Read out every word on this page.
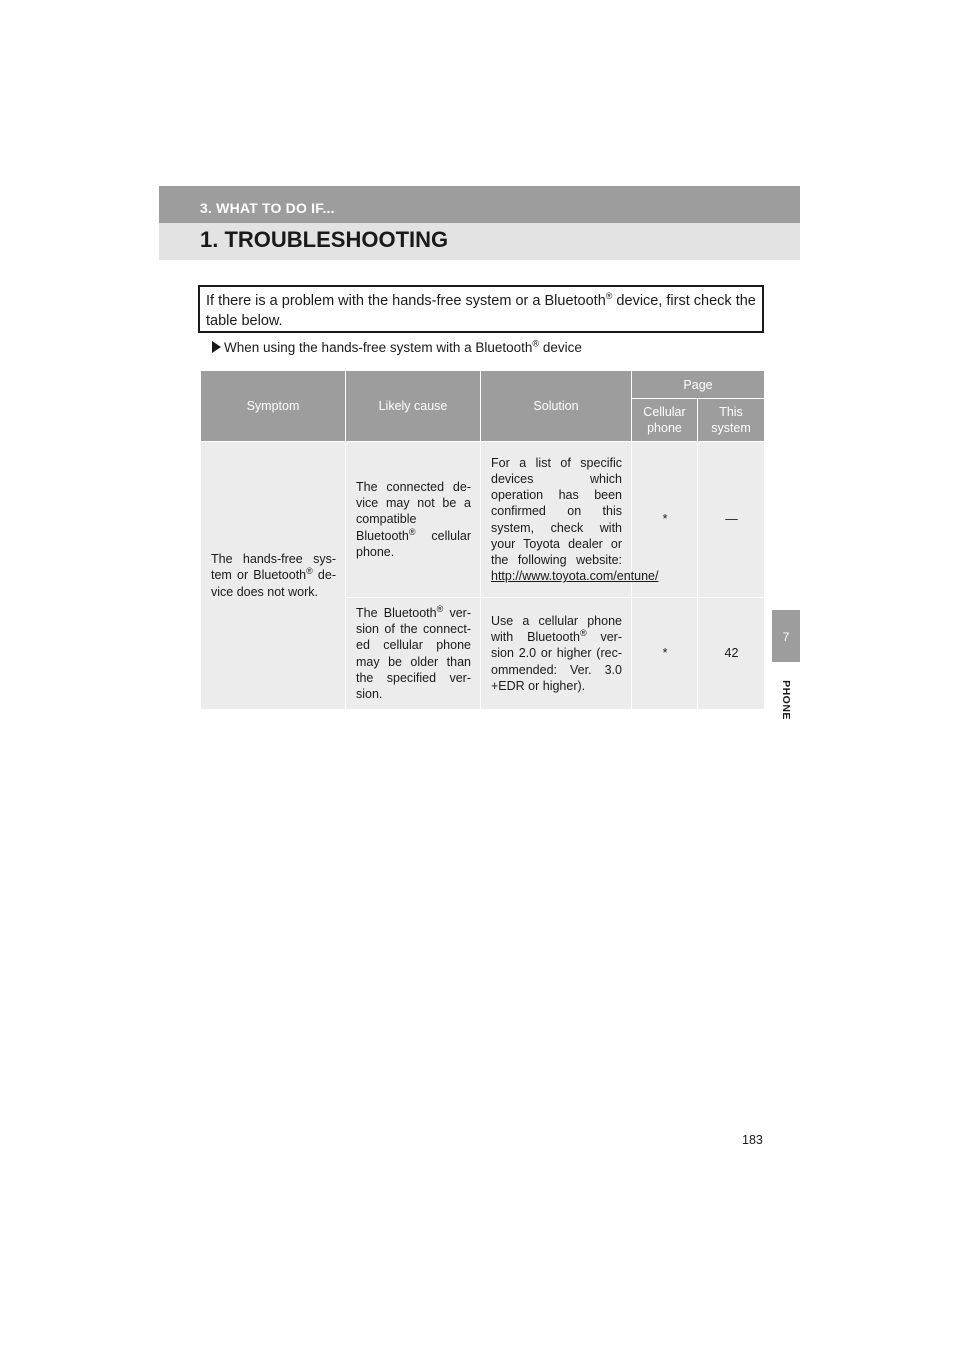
3. WHAT TO DO IF...
1. TROUBLESHOOTING
If there is a problem with the hands-free system or a Bluetooth® device, first check the table below.
When using the hands-free system with a Bluetooth® device
Symptom	Likely cause	Solution	Page	
			Cellular phone	This system
The hands-free sys- tem or Bluetooth® de- vice does not work.	The connected de- vice may not be a compatible Bluetooth® cellular phone.	For a list of specific devices which operation has been confirmed on this system, check with your Toyota dealer or the following website: http://www.toyota.com/entune/	*	—
	The Bluetooth® ver- sion of the connect- ed cellular phone may be older than the specified ver- sion.	Use a cellular phone with Bluetooth® ver- sion 2.0 or higher (rec- ommended: Ver. 3.0 +EDR or higher).	*	42
7
PHONE
183
